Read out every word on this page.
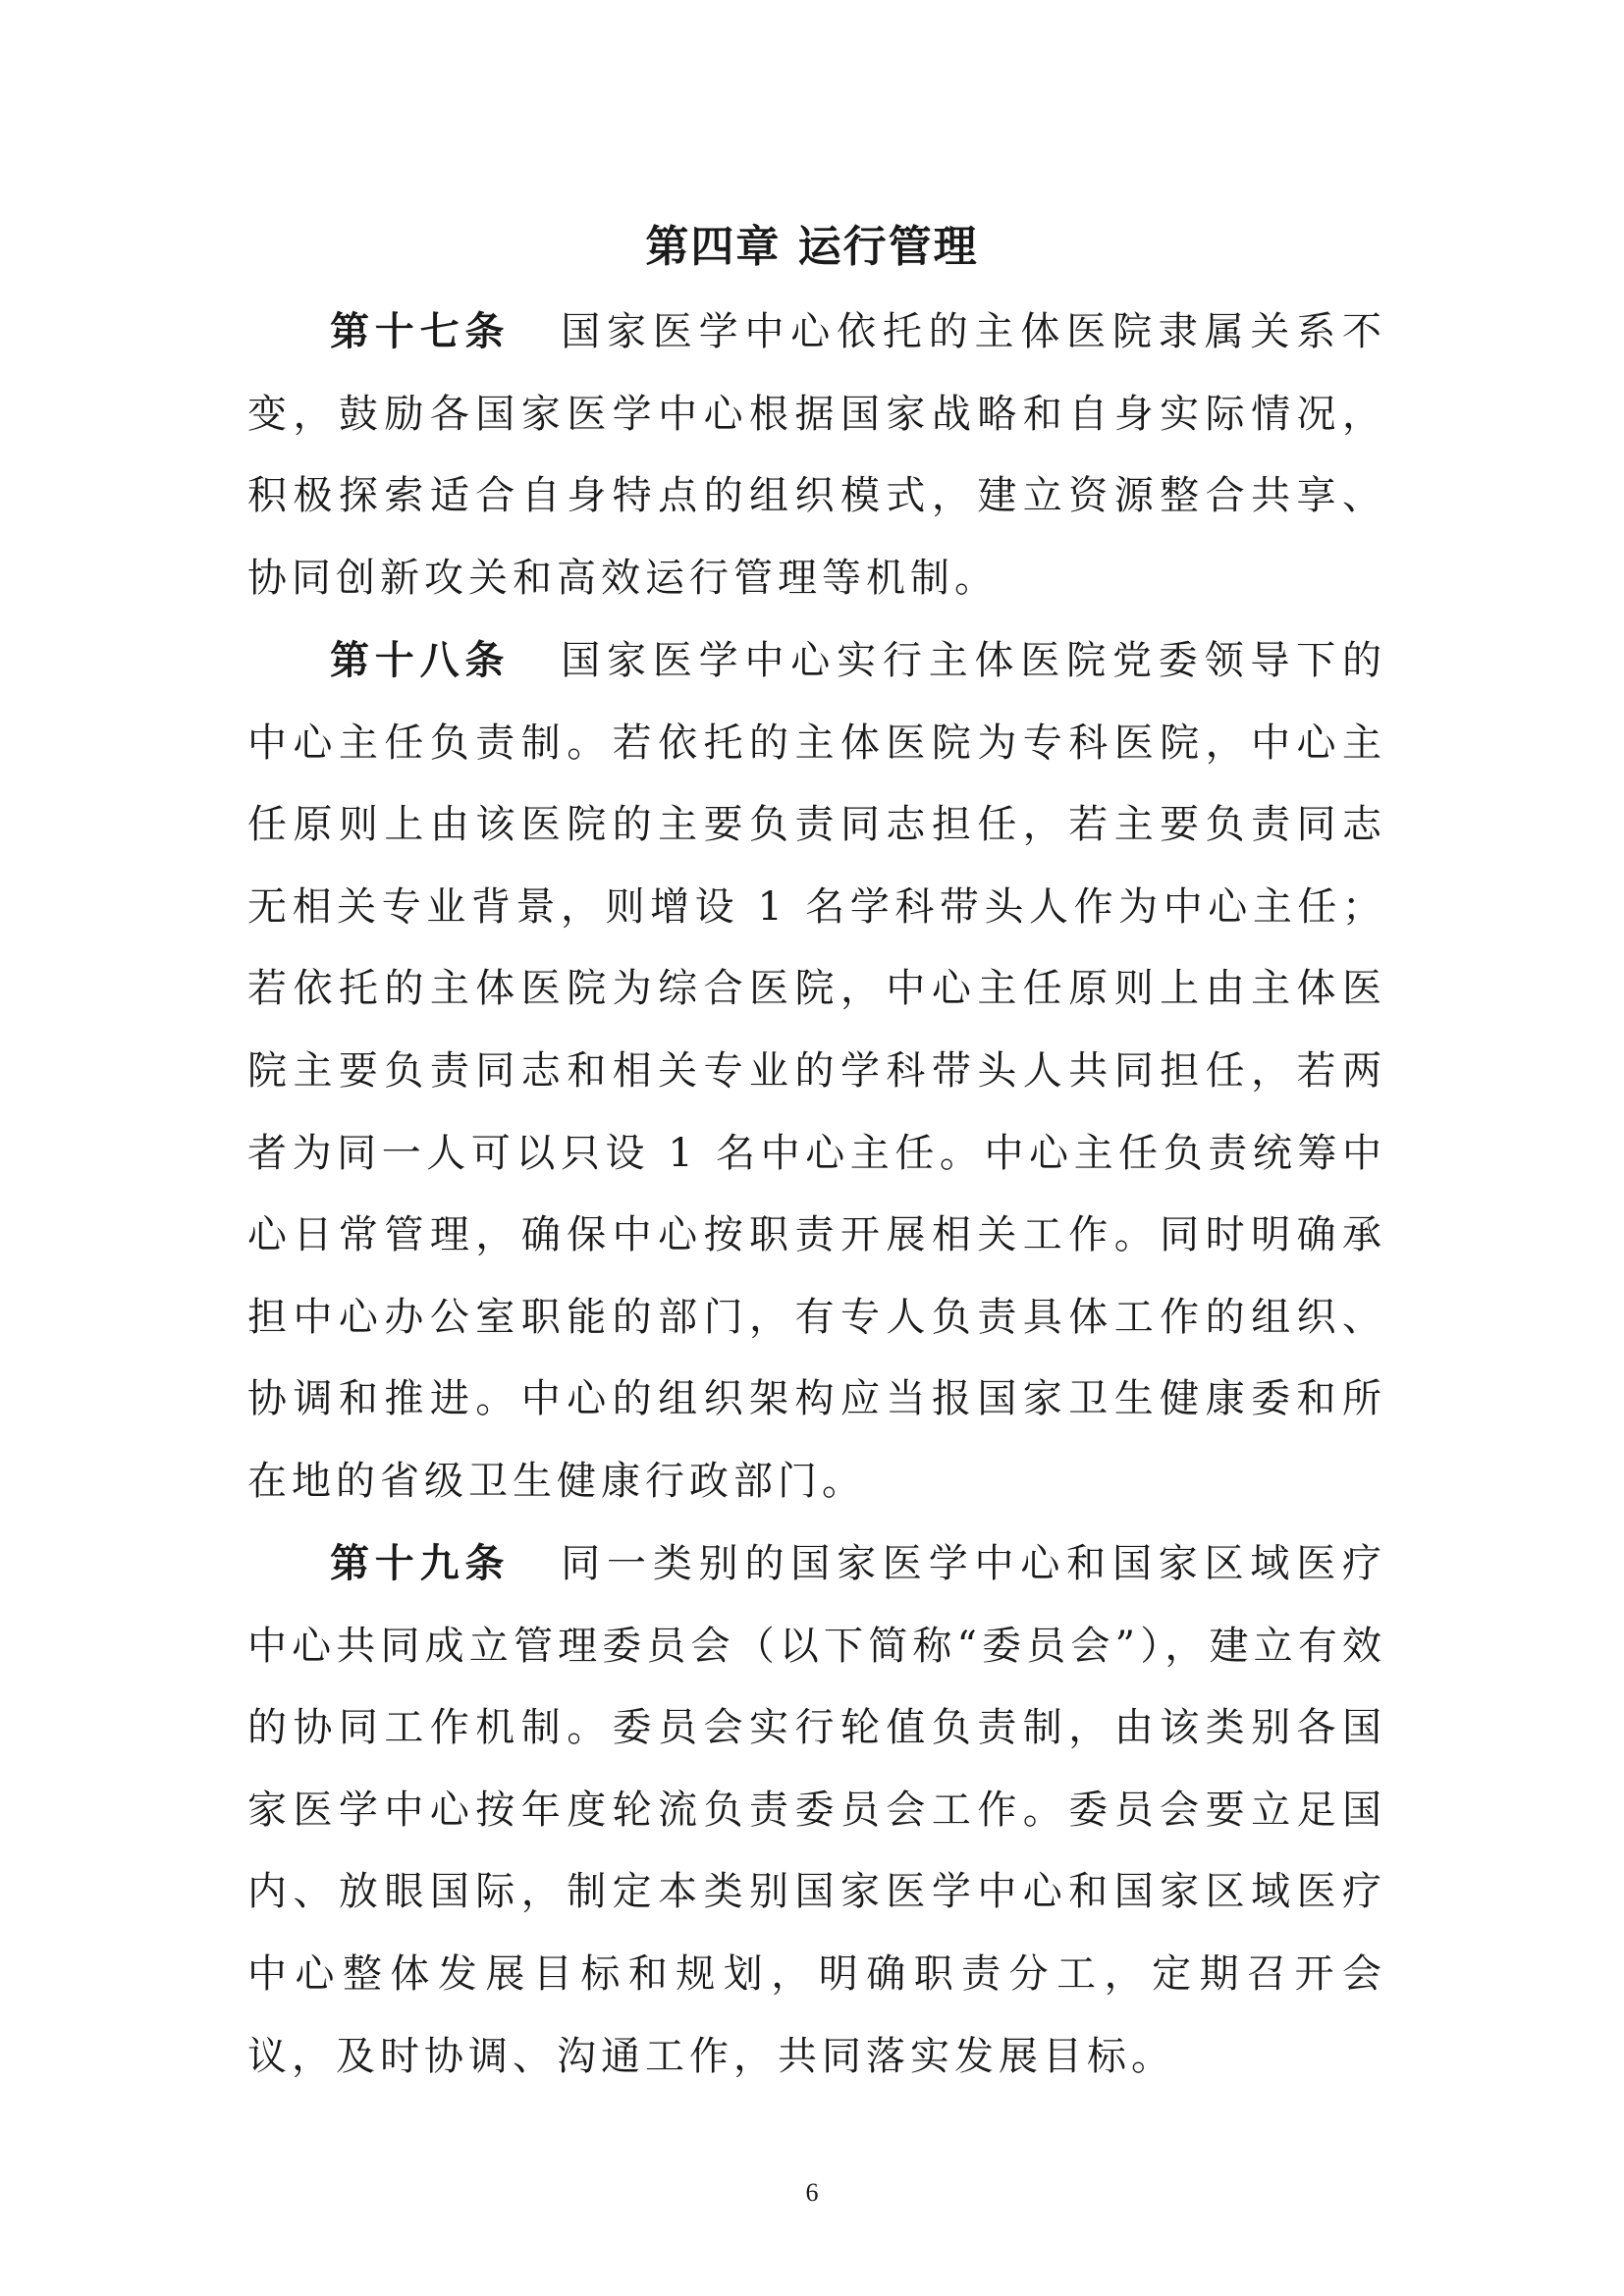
第四章 运行管理

第十七条 国家医学中心依托的主体医院隶属关系不变，鼓励各国家医学中心根据国家战略和自身实际情况，积极探索适合自身特点的组织模式，建立资源整合共享、协同创新攻关和高效运行管理等机制。

第十八条 国家医学中心实行主体医院党委领导下的中心主任负责制。若依托的主体医院为专科医院，中心主任原则上由该医院的主要负责同志担任，若主要负责同志无相关专业背景，则增设 1 名学科带头人作为中心主任；若依托的主体医院为综合医院，中心主任原则上由主体医院主要负责同志和相关专业的学科带头人共同担任，若两者为同一人可以只设 1 名中心主任。中心主任负责统筹中心日常管理，确保中心按职责开展相关工作。同时明确承担中心办公室职能的部门，有专人负责具体工作的组织、协调和推进。中心的组织架构应当报国家卫生健康委和所在地的省级卫生健康行政部门。

第十九条 同一类别的国家医学中心和国家区域医疗中心共同成立管理委员会（以下简称“委员会”），建立有效的协同工作机制。委员会实行轮值负责制，由该类别各国家医学中心按年度轮流负责委员会工作。委员会要立足国内、放眼国际，制定本类别国家医学中心和国家区域医疗中心整体发展目标和规划，明确职责分工，定期召开会议，及时协调、沟通工作，共同落实发展目标。

6
